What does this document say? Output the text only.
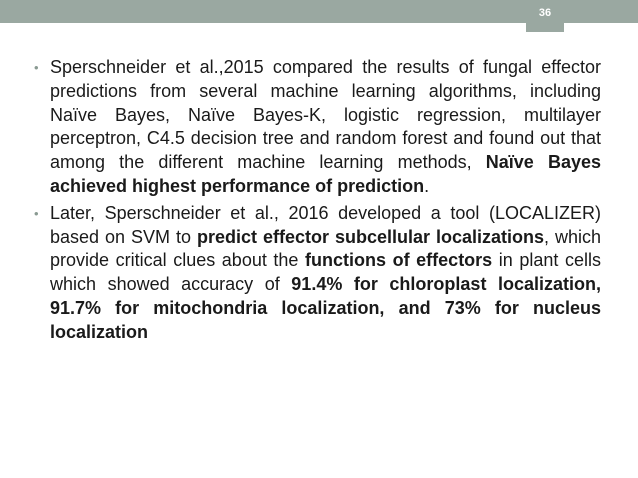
36
• Sperschneider et al.,2015 compared the results of fungal effector predictions from several machine learning algorithms, including Naïve Bayes, Naïve Bayes-K, logistic regression, multilayer perceptron, C4.5 decision tree and random forest and found out that among the different machine learning methods, Naïve Bayes achieved highest performance of prediction.
• Later, Sperschneider et al., 2016 developed a tool (LOCALIZER) based on SVM to predict effector subcellular localizations, which provide critical clues about the functions of effectors in plant cells which showed accuracy of 91.4% for chloroplast localization, 91.7% for mitochondria localization, and 73% for nucleus localization
